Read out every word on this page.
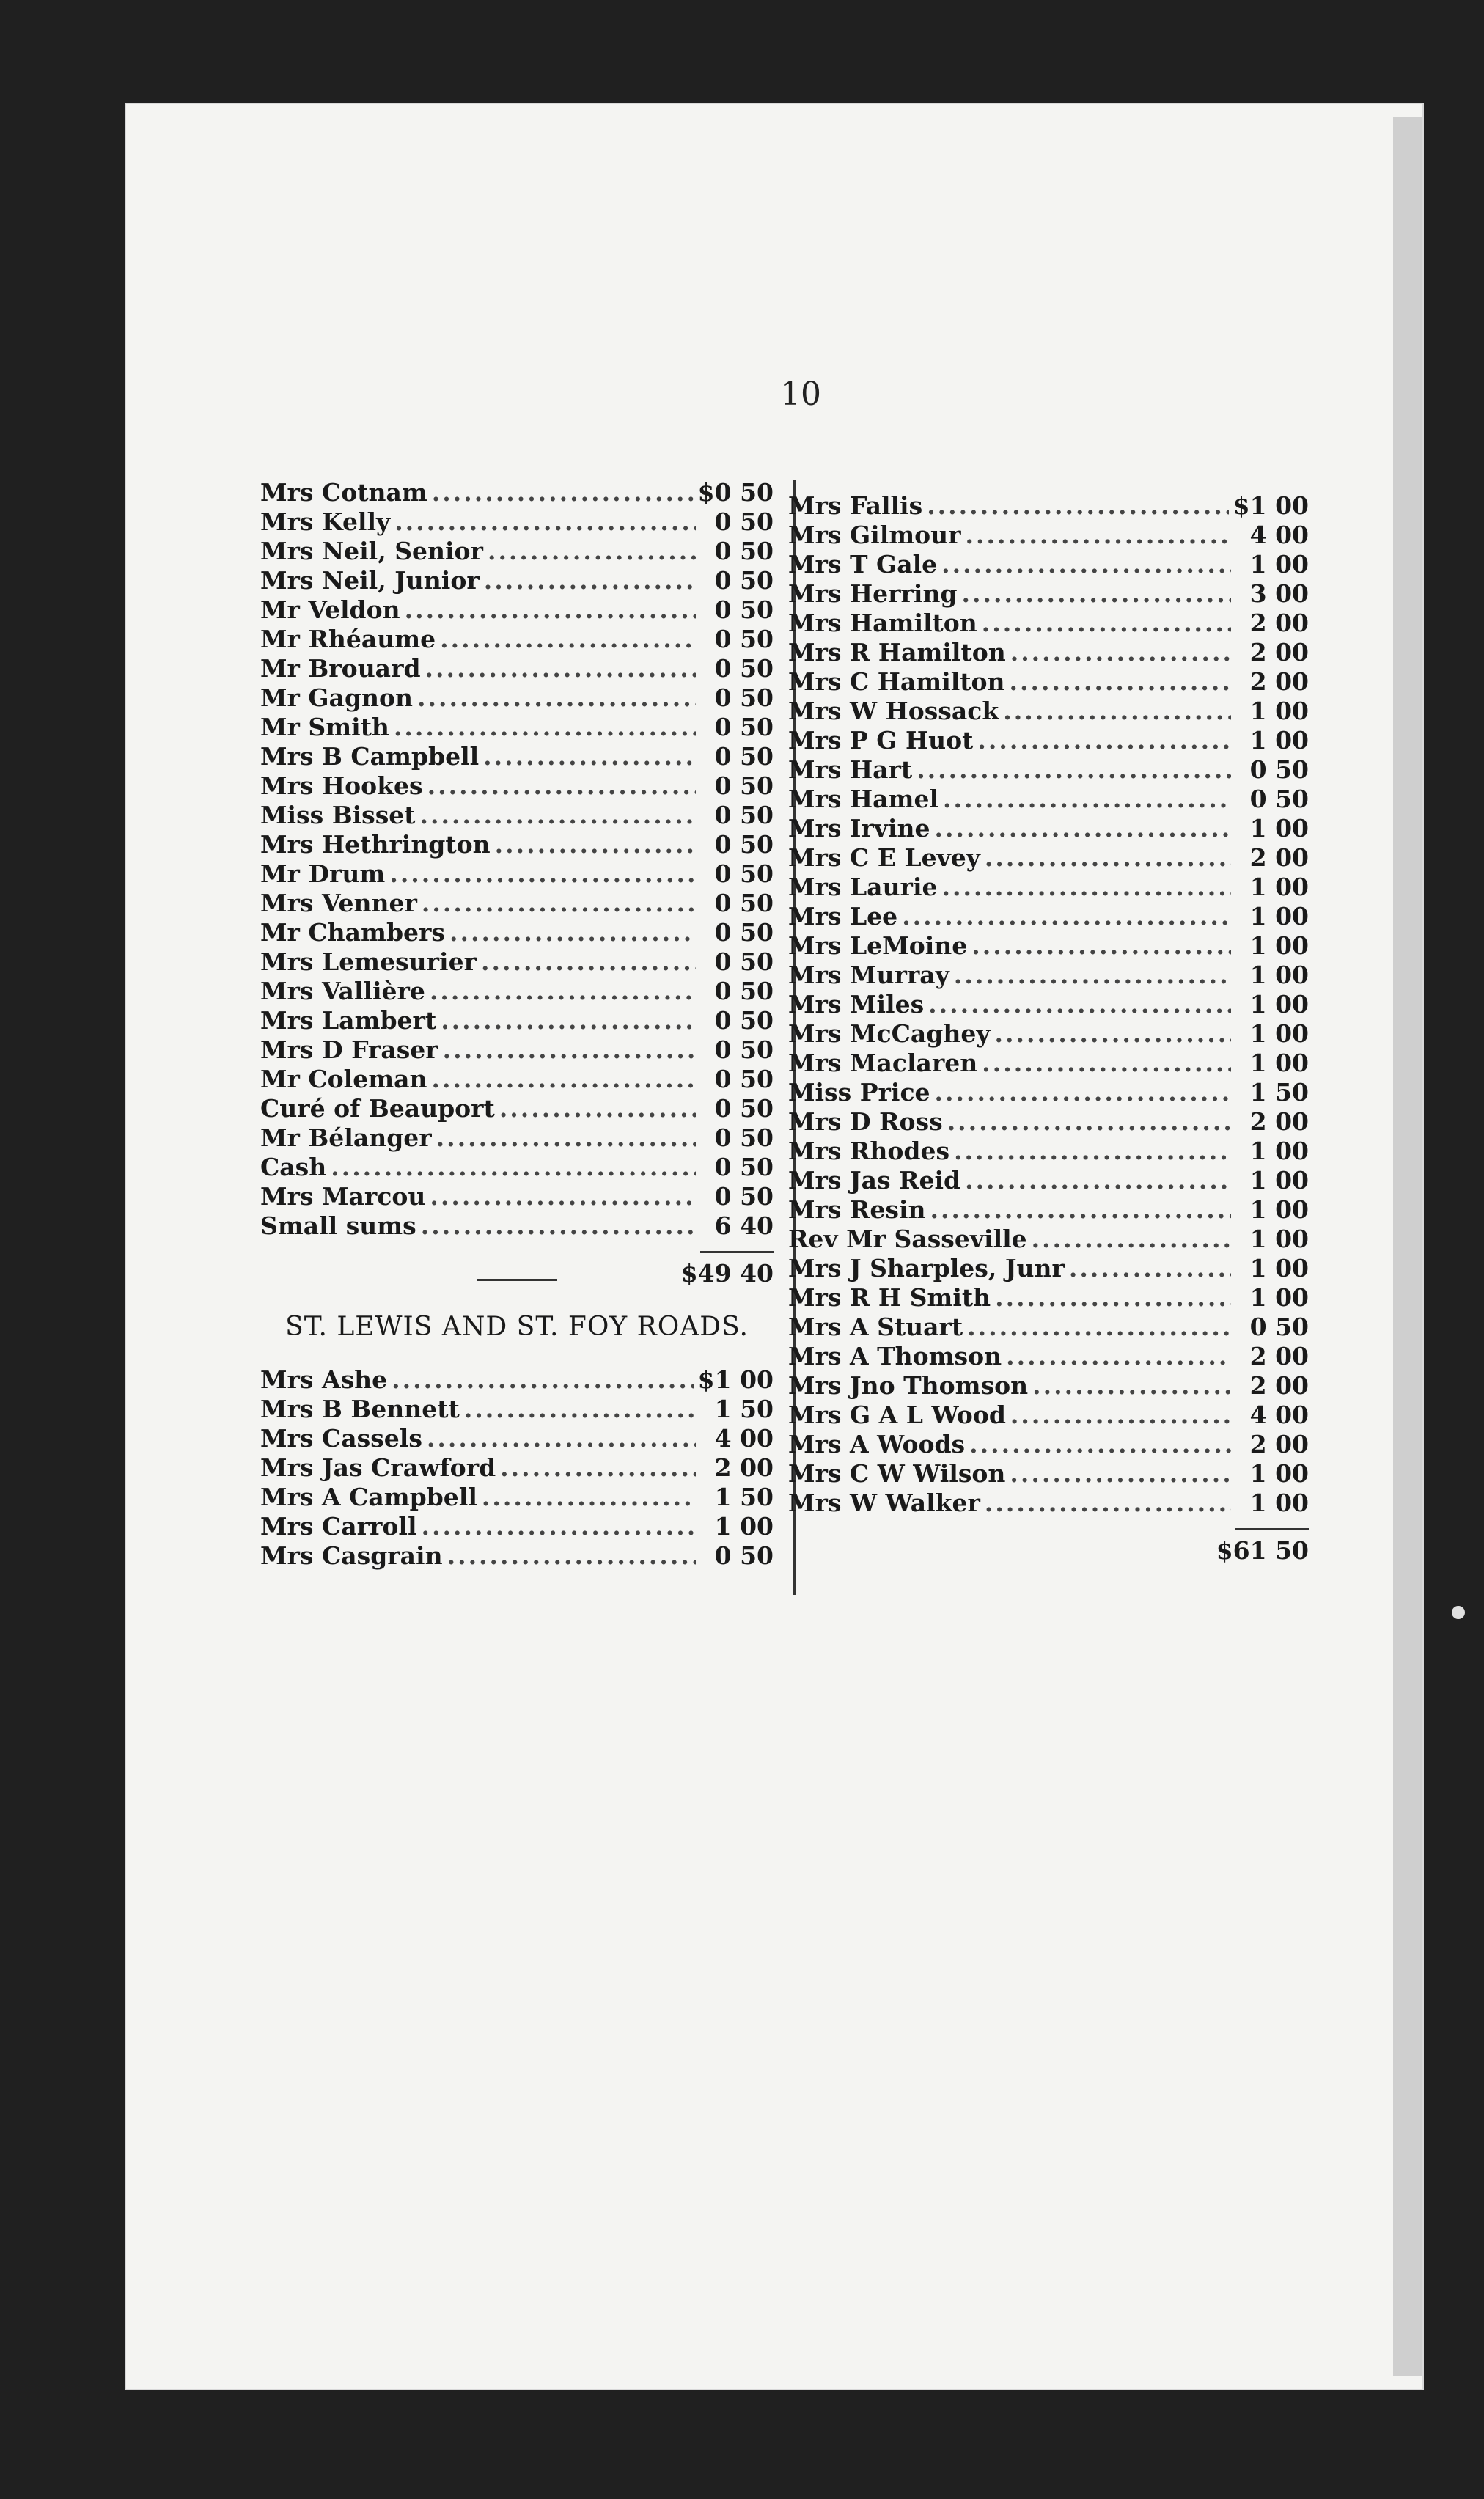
10
Mrs Cotnam .....	$0 50
Mrs Kelly .....	0 50
Mrs Neil, Senior .....	0 50
Mrs Neil, Junior .....	0 50
Mr Veldon .....	0 50
Mr Rhéaume .....	0 50
Mr Brouard .....	0 50
Mr Gagnon .....	0 50
Mr Smith .....	0 50
Mrs B Campbell .....	0 50
Mrs Hookes .....	0 50
Miss Bisset .....	0 50
Mrs Hethrington .....	0 50
Mr Drum .....	0 50
Mrs Venner .....	0 50
Mr Chambers .....	0 50
Mrs Lemesurier .....	0 50
Mrs Vallière .....	0 50
Mrs Lambert .....	0 50
Mrs D Fraser .....	0 50
Mr Coleman .....	0 50
Curé of Beauport .....	0 50
Mr Bélanger .....	0 50
Cash .....	0 50
Mrs Marcou .....	0 50
Small sums .....	6 40
$49 40
ST. LEWIS AND ST. FOY ROADS.
Mrs Ashe .....	$1 00
Mrs B Bennett .....	1 50
Mrs Cassels .....	4 00
Mrs Jas Crawford .....	2 00
Mrs A Campbell .....	1 50
Mrs Carroll .....	1 00
Mrs Casgrain .....	0 50
Mrs Fallis .....	$1 00
Mrs Gilmour .....	4 00
Mrs T Gale .....	1 00
Mrs Herring .....	3 00
Mrs Hamilton .....	2 00
Mrs R Hamilton .....	2 00
Mrs C Hamilton .....	2 00
Mrs W Hossack .....	1 00
Mrs P G Huot .....	1 00
Mrs Hart .....	0 50
Mrs Hamel .....	0 50
Mrs Irvine .....	1 00
Mrs C E Levey .....	2 00
Mrs Laurie .....	1 00
Mrs Lee .....	1 00
Mrs LeMoine .....	1 00
Mrs Murray .....	1 00
Mrs Miles .....	1 00
Mrs McCaghey .....	1 00
Mrs Maclaren .....	1 00
Miss Price .....	1 50
Mrs D Ross .....	2 00
Mrs Rhodes .....	1 00
Mrs Jas Reid .....	1 00
Mrs Resin .....	1 00
Rev Mr Sasseville .....	1 00
Mrs J Sharples, Junr .....	1 00
Mrs R H Smith .....	1 00
Mrs A Stuart .....	0 50
Mrs A Thomson .....	2 00
Mrs Jno Thomson .....	2 00
Mrs G A L Wood .....	4 00
Mrs A Woods .....	2 00
Mrs C W Wilson .....	1 00
Mrs W Walker .....	1 00
$61 50
